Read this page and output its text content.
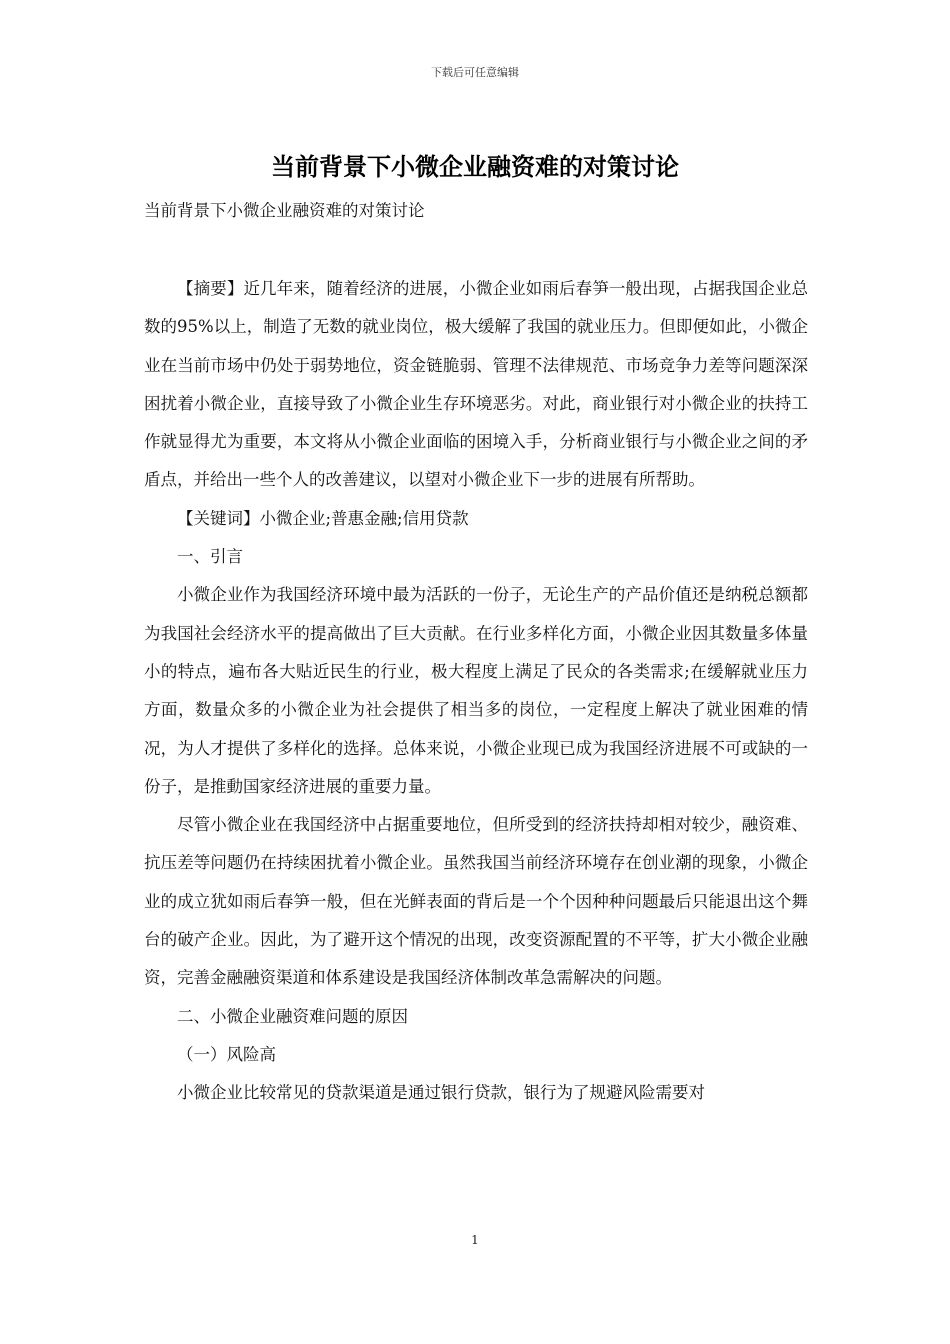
下载后可任意编辑
当前背景下小微企业融资难的对策讨论
当前背景下小微企业融资难的对策讨论

【摘要】近几年来，随着经济的进展，小微企业如雨后春笋一般出现，占据我国企业总数的95%以上，制造了无数的就业岗位，极大缓解了我国的就业压力。但即便如此，小微企业在当前市场中仍处于弱势地位，资金链脆弱、管理不法律规范、市场竞争力差等问题深深困扰着小微企业，直接导致了小微企业生存环境恶劣。对此，商业银行对小微企业的扶持工作就显得尤为重要，本文将从小微企业面临的困境入手，分析商业银行与小微企业之间的矛盾点，并给出一些个人的改善建议，以望对小微企业下一步的进展有所帮助。

【关键词】小微企业;普惠金融;信用贷款

一、引言

小微企业作为我国经济环境中最为活跃的一份子，无论生产的产品价值还是纳税总额都为我国社会经济水平的提高做出了巨大贡献。在行业多样化方面，小微企业因其数量多体量小的特点，遍布各大贴近民生的行业，极大程度上满足了民众的各类需求;在缓解就业压力方面，数量众多的小微企业为社会提供了相当多的岗位，一定程度上解决了就业困难的情况，为人才提供了多样化的选择。总体来说，小微企业现已成为我国经济进展不可或缺的一份子，是推動国家经济进展的重要力量。

尽管小微企业在我国经济中占据重要地位，但所受到的经济扶持却相对较少，融资难、抗压差等问题仍在持续困扰着小微企业。虽然我国当前经济环境存在创业潮的现象，小微企业的成立犹如雨后春笋一般，但在光鲜表面的背后是一个个因种种问题最后只能退出这个舞台的破产企业。因此，为了避开这个情况的出现，改变资源配置的不平等，扩大小微企业融资，完善金融融资渠道和体系建设是我国经济体制改革急需解决的问题。

二、小微企业融资难问题的原因

（一）风险高

小微企业比较常见的贷款渠道是通过银行贷款，银行为了规避风险需要对

1
